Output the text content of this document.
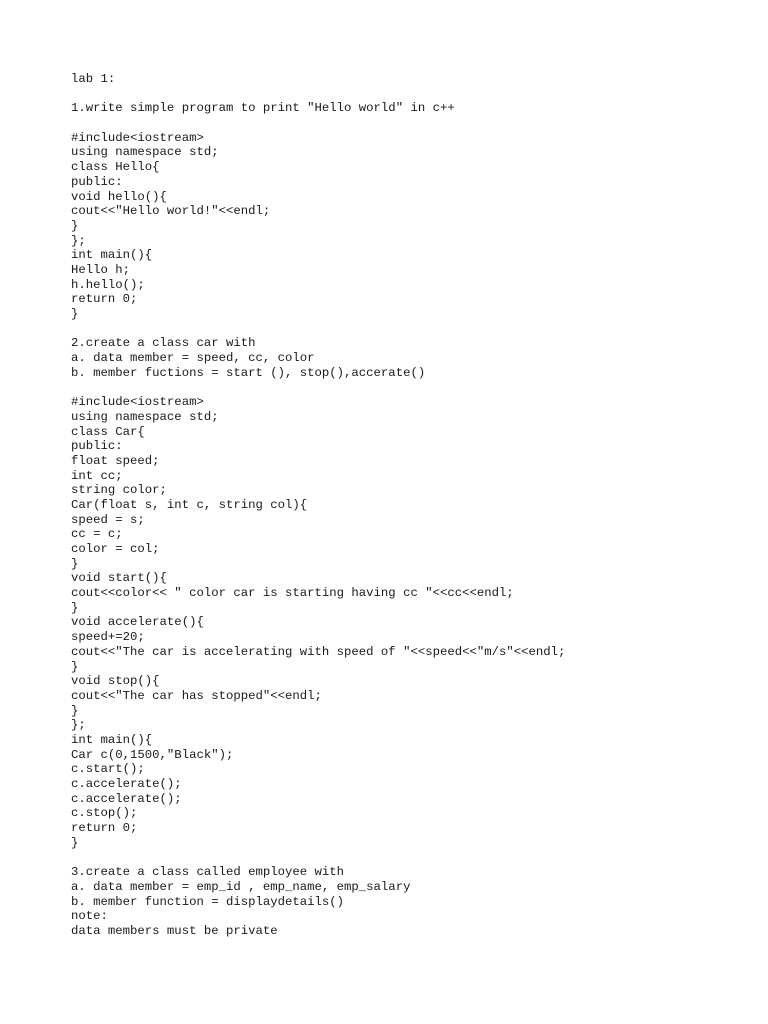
lab 1:
1.write simple program to print "Hello world" in c++
#include<iostream>
using namespace std;
class Hello{
public:
void hello(){
cout<<"Hello world!"<<endl;
}
};
int main(){
Hello h;
h.hello();
return 0;
}
2.create a class car with
a. data member = speed, cc, color
b. member fuctions = start (), stop(),accerate()
#include<iostream>
using namespace std;
class Car{
public:
float speed;
int cc;
string color;
Car(float s, int c, string col){
speed = s;
cc = c;
color = col;
}
void start(){
cout<<color<< " color car is starting having cc "<<cc<<endl;
}
void accelerate(){
speed+=20;
cout<<"The car is accelerating with speed of "<<speed<<"m/s"<<endl;
}
void stop(){
cout<<"The car has stopped"<<endl;
}
};
int main(){
Car c(0,1500,"Black");
c.start();
c.accelerate();
c.accelerate();
c.stop();
return 0;
}
3.create a class called employee with
a. data member = emp_id , emp_name, emp_salary
b. member function = displaydetails()
note:
data members must be private
